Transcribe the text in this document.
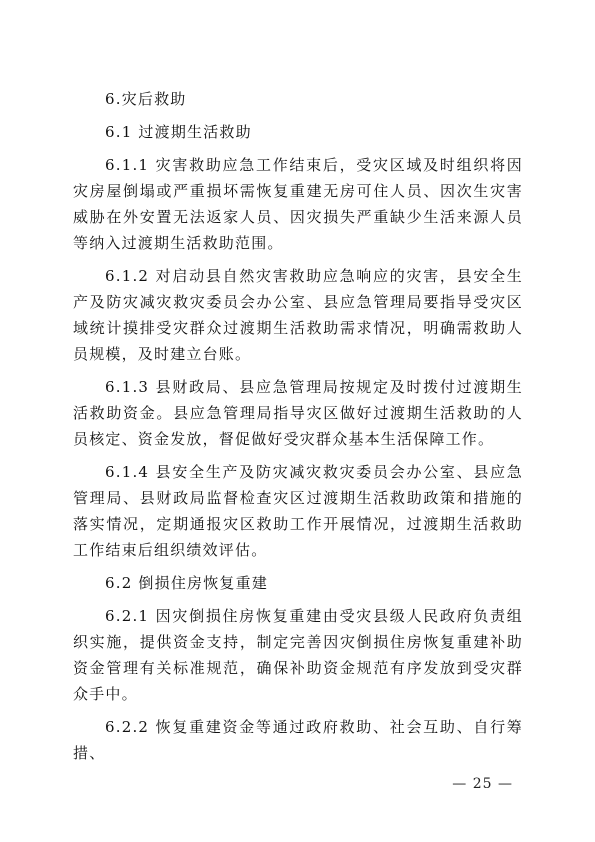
6.灾后救助

6.1 过渡期生活救助

6.1.1 灾害救助应急工作结束后，受灾区域及时组织将因灾房屋倒塌或严重损坏需恢复重建无房可住人员、因次生灾害威胁在外安置无法返家人员、因灾损失严重缺少生活来源人员等纳入过渡期生活救助范围。

6.1.2 对启动县自然灾害救助应急响应的灾害，县安全生产及防灾减灾救灾委员会办公室、县应急管理局要指导受灾区域统计摸排受灾群众过渡期生活救助需求情况，明确需救助人员规模，及时建立台账。

6.1.3 县财政局、县应急管理局按规定及时拨付过渡期生活救助资金。县应急管理局指导灾区做好过渡期生活救助的人员核定、资金发放，督促做好受灾群众基本生活保障工作。

6.1.4 县安全生产及防灾减灾救灾委员会办公室、县应急管理局、县财政局监督检查灾区过渡期生活救助政策和措施的落实情况，定期通报灾区救助工作开展情况，过渡期生活救助工作结束后组织绩效评估。

6.2 倒损住房恢复重建

6.2.1 因灾倒损住房恢复重建由受灾县级人民政府负责组织实施，提供资金支持，制定完善因灾倒损住房恢复重建补助资金管理有关标准规范，确保补助资金规范有序发放到受灾群众手中。

6.2.2 恢复重建资金等通过政府救助、社会互助、自行筹措、

— 25 —
